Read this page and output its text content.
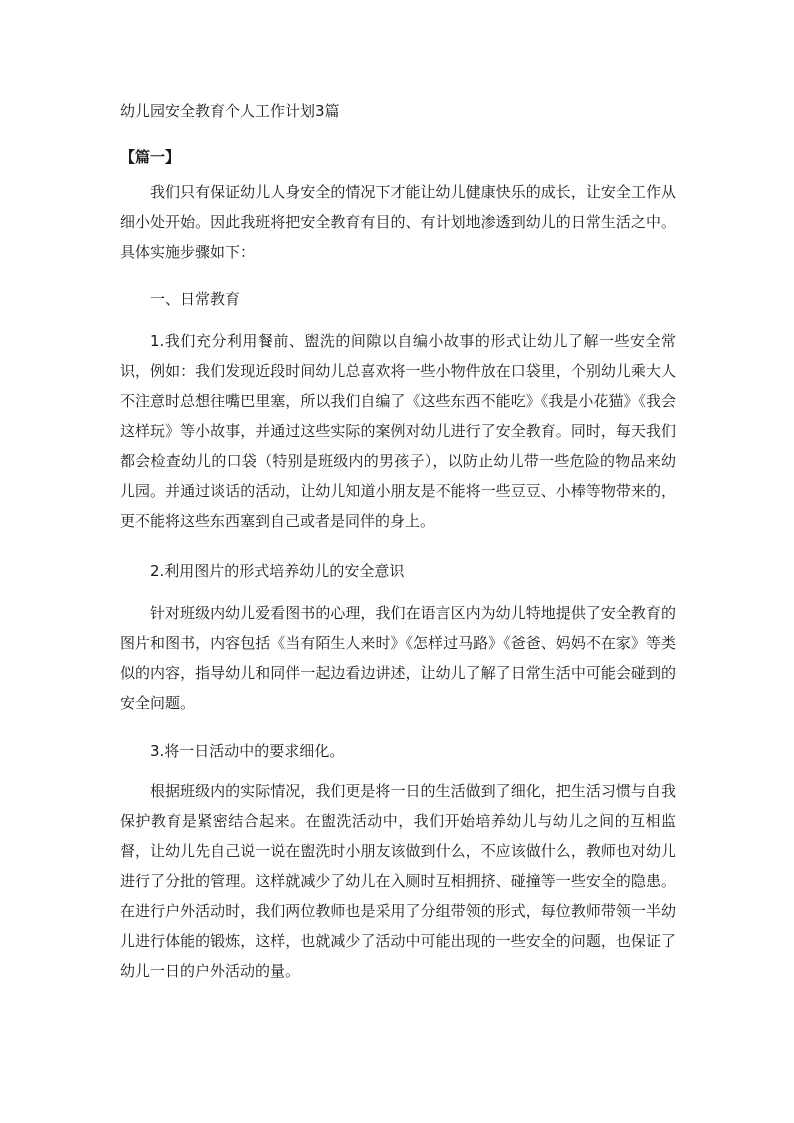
幼儿园安全教育个人工作计划3篇
【篇一】

我们只有保证幼儿人身安全的情况下才能让幼儿健康快乐的成长，让安全工作从细小处开始。因此我班将把安全教育有目的、有计划地渗透到幼儿的日常生活之中。具体实施步骤如下：

一、日常教育

1.我们充分利用餐前、盥洗的间隙以自编小故事的形式让幼儿了解一些安全常识，例如：我们发现近段时间幼儿总喜欢将一些小物件放在口袋里，个别幼儿乘大人不注意时总想往嘴巴里塞，所以我们自编了《这些东西不能吃》《我是小花猫》《我会这样玩》等小故事，并通过这些实际的案例对幼儿进行了安全教育。同时，每天我们都会检查幼儿的口袋（特别是班级内的男孩子），以防止幼儿带一些危险的物品来幼儿园。并通过谈话的活动，让幼儿知道小朋友是不能将一些豆豆、小棒等物带来的，更不能将这些东西塞到自己或者是同伴的身上。

2.利用图片的形式培养幼儿的安全意识

针对班级内幼儿爱看图书的心理，我们在语言区内为幼儿特地提供了安全教育的图片和图书，内容包括《当有陌生人来时》《怎样过马路》《爸爸、妈妈不在家》等类似的内容，指导幼儿和同伴一起边看边讲述，让幼儿了解了日常生活中可能会碰到的安全问题。

3.将一日活动中的要求细化。

根据班级内的实际情况，我们更是将一日的生活做到了细化，把生活习惯与自我保护教育是紧密结合起来。在盥洗活动中，我们开始培养幼儿与幼儿之间的互相监督，让幼儿先自己说一说在盥洗时小朋友该做到什么，不应该做什么，教师也对幼儿进行了分批的管理。这样就减少了幼儿在入厕时互相拥挤、碰撞等一些安全的隐患。在进行户外活动时，我们两位教师也是采用了分组带领的形式，每位教师带领一半幼儿进行体能的锻炼，这样，也就减少了活动中可能出现的一些安全的问题，也保证了幼儿一日的户外活动的量。
